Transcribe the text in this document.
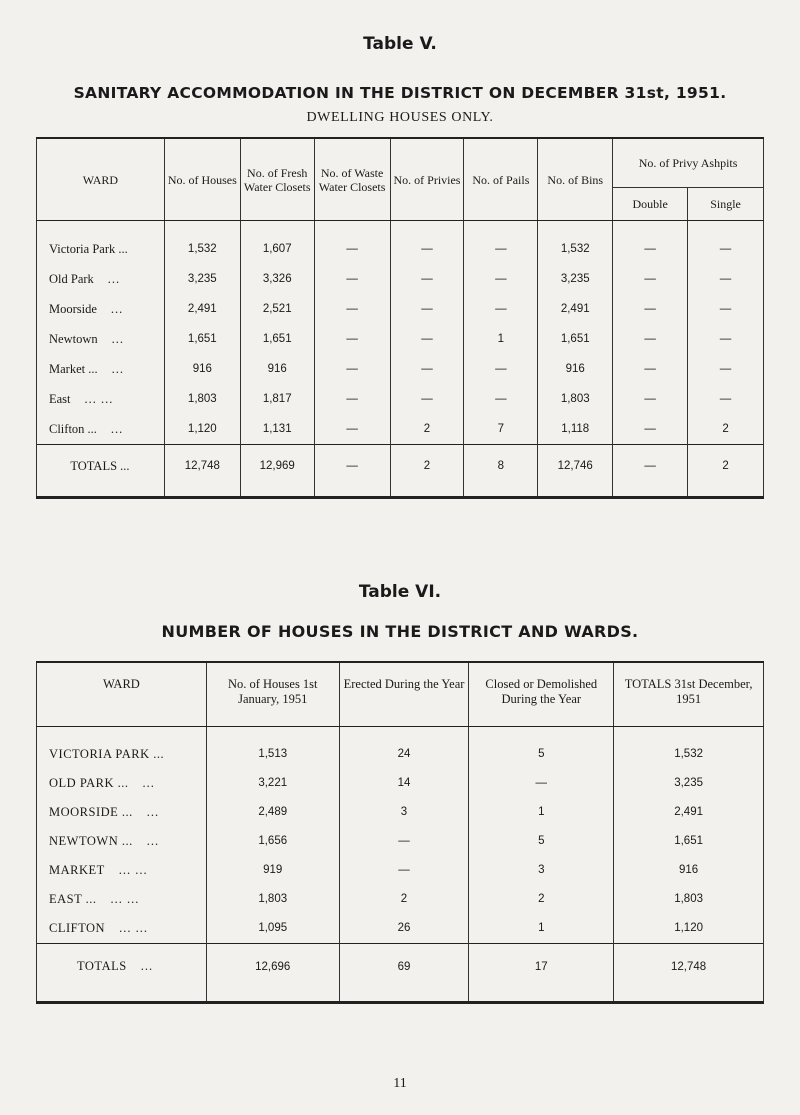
Table V.
SANITARY ACCOMMODATION IN THE DISTRICT ON DECEMBER 31st, 1951.
DWELLING HOUSES ONLY.
WARD	No. of Houses	No. of Fresh Water Closets	No. of Waste Water Closets	No. of Privies	No. of Pails	No. of Bins	No. of Privy Ashpits	
							Double	Single
Victoria Park ...	1,532	1,607	—	—	—	1,532	—	—
Old Park ...	3,235	3,326	—	—	—	3,235	—	—
Moorside ...	2,491	2,521	—	—	—	2,491	—	—
Newtown ...	1,651	1,651	—	—	1	1,651	—	—
Market ... ...	916	916	—	—	—	916	—	—
East ... ...	1,803	1,817	—	—	—	1,803	—	—
Clifton ... ...	1,120	1,131	—	2	7	1,118	—	2
TOTALS ...	12,748	12,969	—	2	8	12,746	—	2
Table VI.
NUMBER OF HOUSES IN THE DISTRICT AND WARDS.
WARD	No. of Houses 1st January, 1951	Erected During the Year	Closed or Demolished During the Year	TOTALS 31st December, 1951
VICTORIA PARK ...	1,513	24	5	1,532
OLD PARK ... ...	3,221	14	—	3,235
MOORSIDE ... ...	2,489	3	1	2,491
NEWTOWN ... ...	1,656	—	5	1,651
MARKET ... ...	919	—	3	916
EAST ... ... ...	1,803	2	2	1,803
CLIFTON ... ...	1,095	26	1	1,120
TOTALS ...	12,696	69	17	12,748
11
